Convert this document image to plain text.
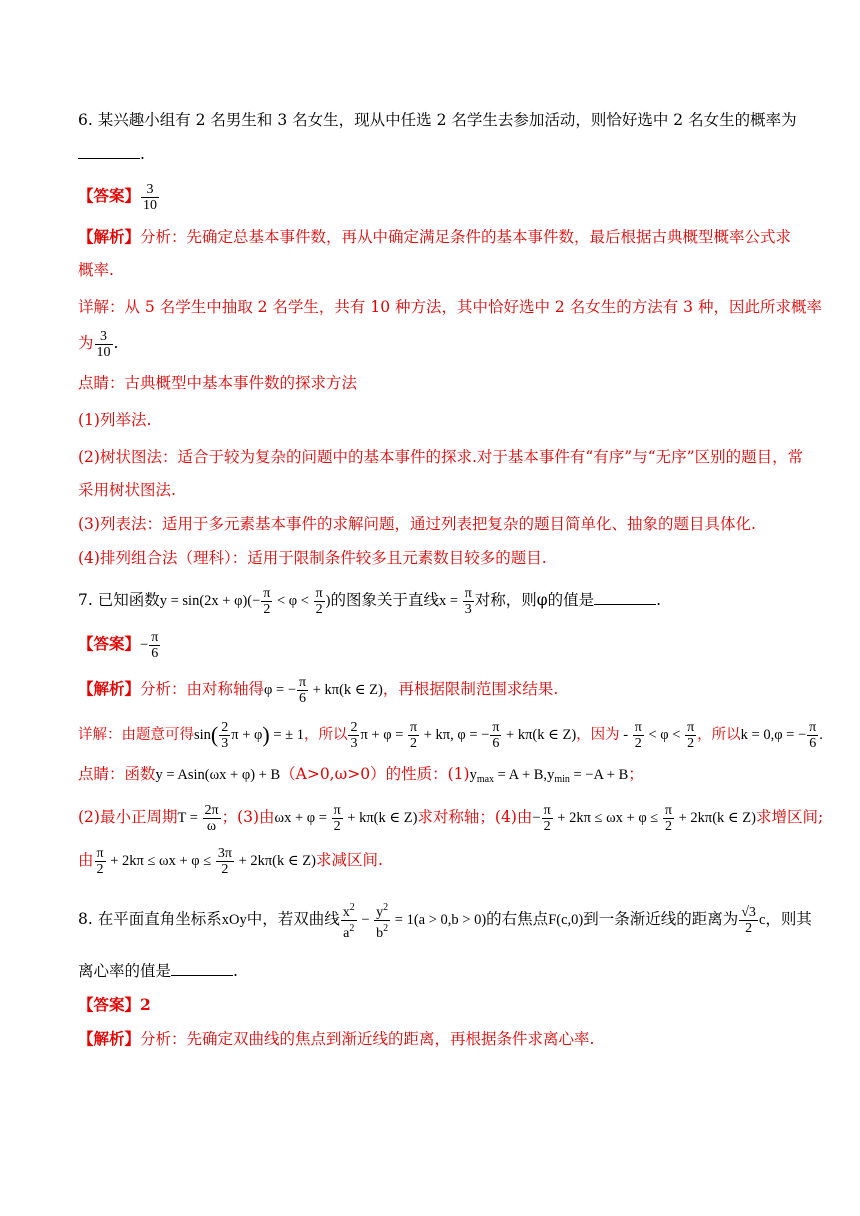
6. 某兴趣小组有 2 名男生和 3 名女生，现从中任选 2 名学生去参加活动，则恰好选中 2 名女生的概率为
.
【答案】 $\frac{3}{10}$
【解析】分析：先确定总基本事件数，再从中确定满足条件的基本事件数，最后根据古典概型概率公式求
概率.
详解：从 5 名学生中抽取 2 名学生，共有 10 种方法，其中恰好选中 2 名女生的方法有 3 种，因此所求概率
为 $\frac{3}{10}$ .
点睛：古典概型中基本事件数的探求方法
(1)列举法.
(2)树状图法：适合于较为复杂的问题中的基本事件的探求.对于基本事件有“有序”与“无序”区别的题目，常
采用树状图法.
(3)列表法：适用于多元素基本事件的求解问题，通过列表把复杂的题目简单化、抽象的题目具体化.
(4)排列组合法（理科）：适用于限制条件较多且元素数目较多的题目.
7. 已知函数$y = \sin(2x + \varphi)(- \frac{\pi}{2} < \varphi < \frac{\pi}{2}$ )的图象关于直线$x = \frac{\pi}{3}$ 对称，则φ的值是	.
【答案】− $\frac{\pi}{6}$
【解析】分析：由对称轴得φ = − $\frac{\pi}{6} + k\pi(k$ ∈ Z)，再根据限制范围求结果.
详解：由题意可得$\sin( \frac{2}{3}$ π + φ) = ± 1，所以 $\frac{2}{3}$ $\pi + \varphi = \frac{\pi}{2} + k\pi$, φ = − $\frac{\pi}{6} + k\pi(k$ ∈ Z)，因为 - $\frac{\pi}{2} < \varphi < \frac{\pi}{2}$ ，所以k = 0,φ = − $\frac{\pi}{6}$ .
点睛：函数y = Asin(ωx + φ) + B（A>0,ω>0）的性质：$(1)y_{max} = A + B,y_{min} = -A + B$；
(2)最小正周期$T = \frac{2\pi}{\omega}$ ；(3)由$\omega x + \varphi = \frac{\pi}{2} + k\pi(k$ ∈ Z)求对称轴；(4)由− $\frac{\pi}{2} + 2k\pi \le \omega x + \varphi \le \frac{\pi}{2} + 2k\pi(k$ ∈ Z)求增区间;
由 $\frac{\pi}{2} + 2k\pi \le \omega x + \varphi \le \frac{3\pi}{2} + 2k\pi(k$ ∈ Z)求减区间.
8. 在平面直角坐标系xOy中，若双曲线 $\frac{x^2}{a^2} - \frac{y^2}{b^2} = 1(a > 0,b > 0)$的右焦点F(c,0)到一条渐近线的距离为 $\frac{√3}{2}$ c，则其
离心率的值是	.
【答案】2
【解析】分析：先确定双曲线的焦点到渐近线的距离，再根据条件求离心率.
